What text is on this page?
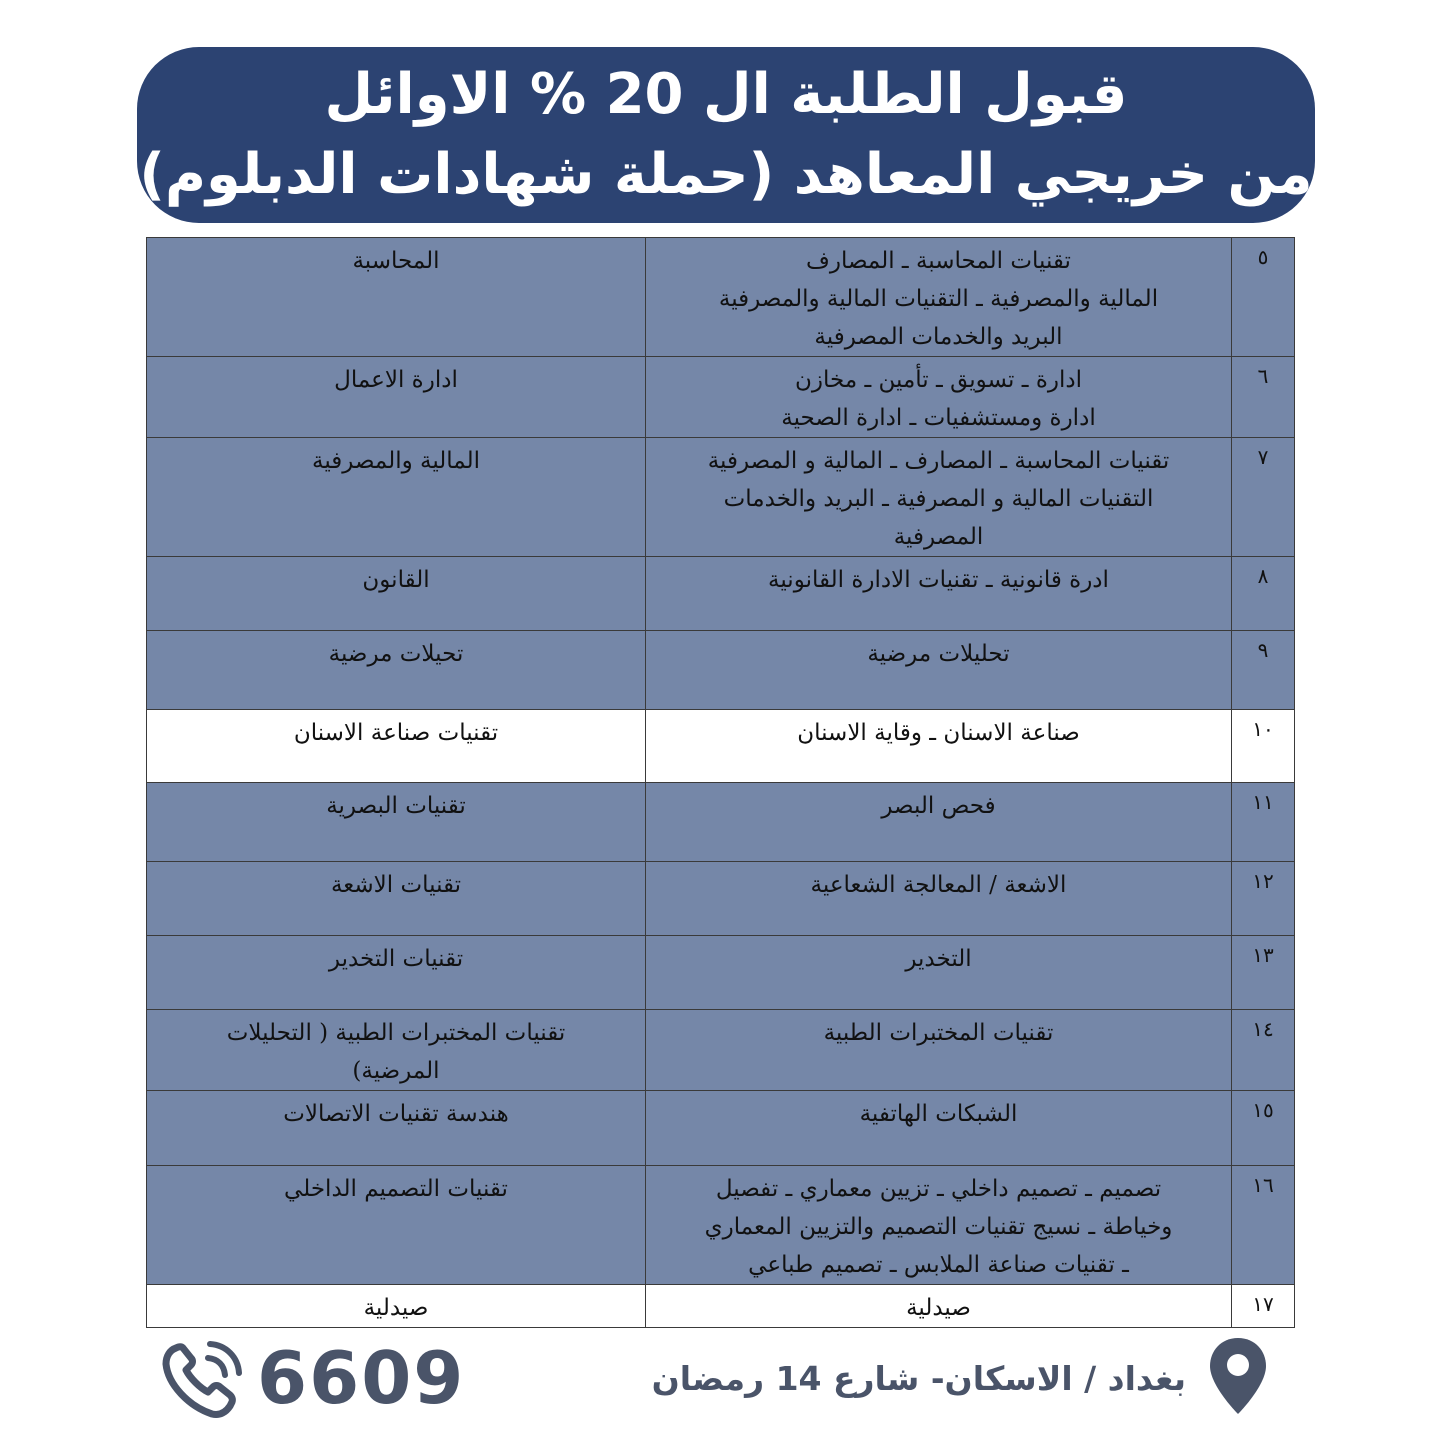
قبول الطلبة ال 20 % الاوائل
من خريجي المعاهد (حملة شهادات الدبلوم)
٥	تقنيات المحاسبة ـ المصارف
المالية والمصرفية ـ التقنيات المالية والمصرفية
البريد والخدمات المصرفية	المحاسبة
٦	ادارة ـ تسويق ـ تأمين ـ مخازن
ادارة ومستشفيات ـ ادارة الصحية	ادارة الاعمال
٧	تقنيات المحاسبة ـ المصارف ـ المالية و المصرفية
التقنيات المالية و المصرفية ـ البريد والخدمات
المصرفية	المالية والمصرفية
٨	ادرة قانونية ـ تقنيات الادارة القانونية	القانون
٩	تحليلات مرضية	تحيلات مرضية
١٠	صناعة الاسنان ـ وقاية الاسنان	تقنيات صناعة الاسنان
١١	فحص البصر	تقنيات البصرية
١٢	الاشعة / المعالجة الشعاعية	تقنيات الاشعة
١٣	التخدير	تقنيات التخدير
١٤	تقنيات المختبرات الطبية	تقنيات المختبرات الطبية ( التحليلات
المرضية)
١٥	الشبكات الهاتفية	هندسة تقنيات الاتصالات
١٦	تصميم ـ تصميم داخلي ـ تزيين معماري ـ تفصيل
وخياطة ـ نسيج تقنيات التصميم والتزيين المعماري
ـ تقنيات صناعة الملابس ـ تصميم طباعي	تقنيات التصميم الداخلي
١٧	صيدلية	صيدلية
6609	بغداد / الاسكان- شارع 14 رمضان
